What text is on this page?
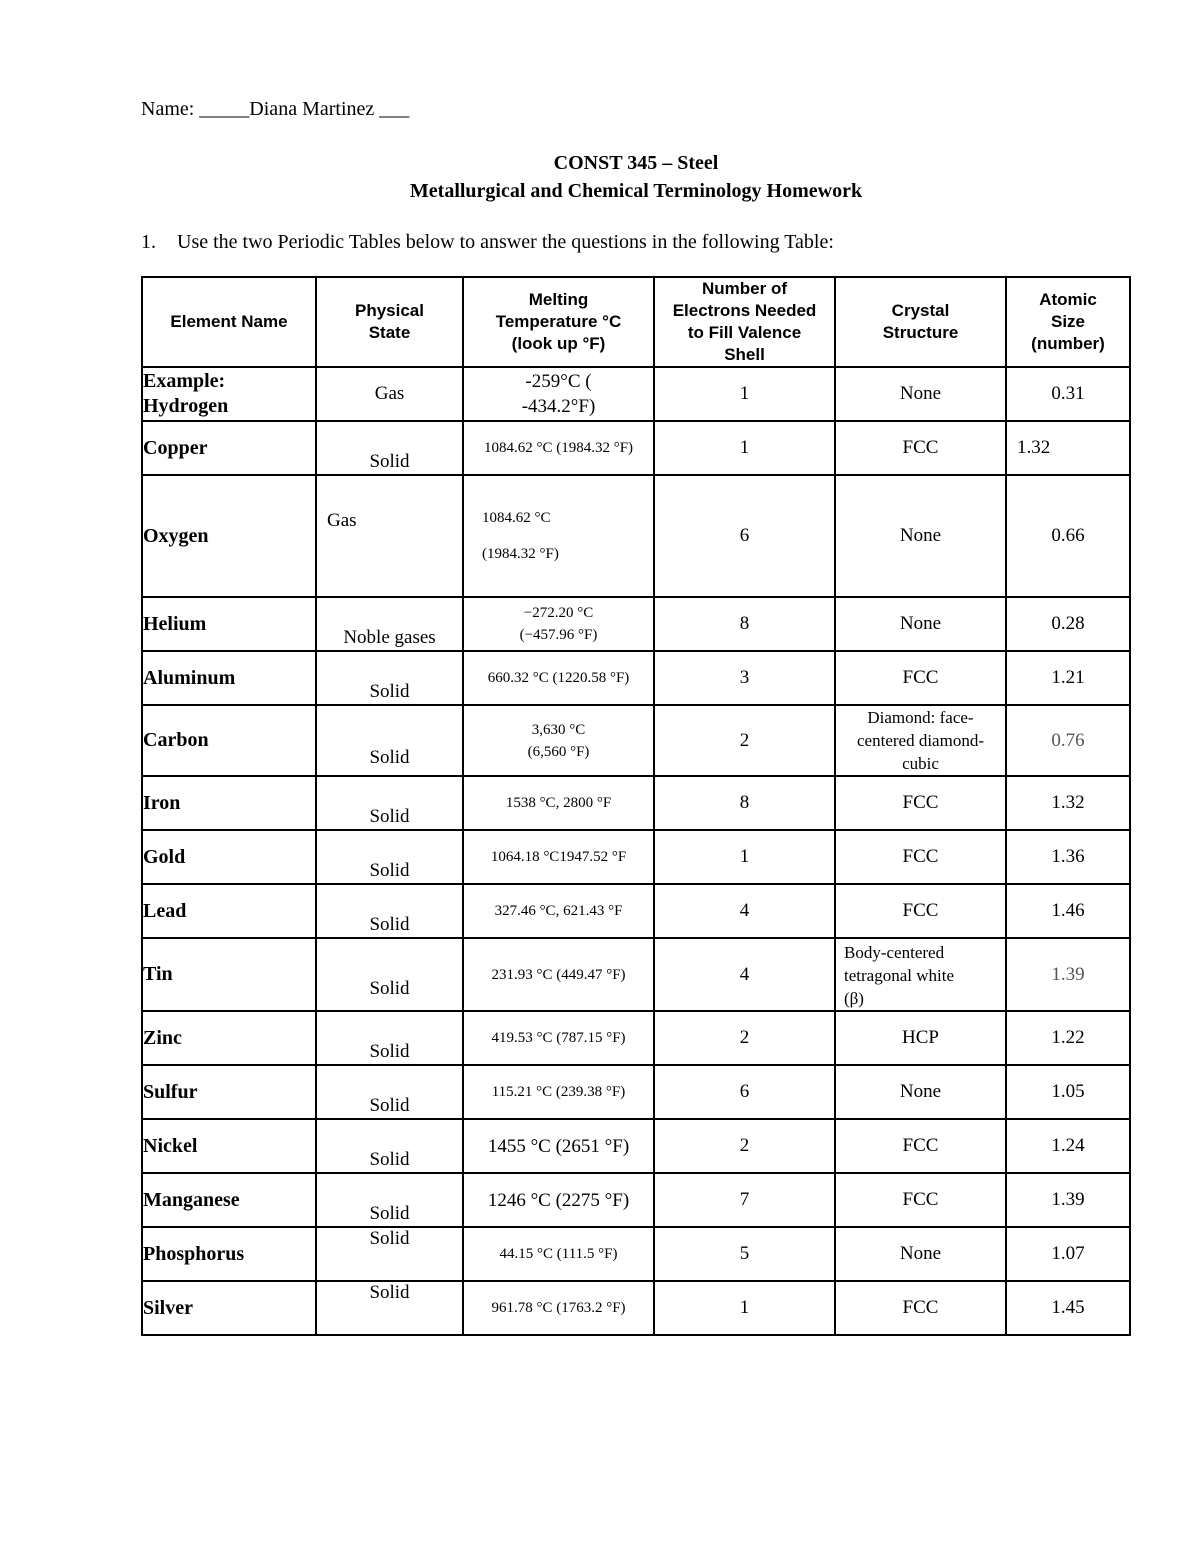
Name: _____Diana Martinez ___
CONST 345 – Steel
Metallurgical and Chemical Terminology Homework
1. Use the two Periodic Tables below to answer the questions in the following Table:
Element Name	Physical State	Melting Temperature °C (look up °F)	Number of Electrons Needed to Fill Valence Shell	Crystal Structure	Atomic Size (number)
Example: Hydrogen	Gas	-259°C ( -434.2°F)	1	None	0.31
Copper	Solid	1084.62 °C (1984.32 °F)	1	FCC	1.32
Oxygen	Gas	1084.62 °C (1984.32 °F)	6	None	0.66
Helium	Noble gases	−272.20 °C (−457.96 °F)	8	None	0.28
Aluminum	Solid	660.32 °C (1220.58 °F)	3	FCC	1.21
Carbon	Solid	3,630 °C (6,560 °F)	2	Diamond: face-centered diamond-cubic	0.76
Iron	Solid	1538 °C, 2800 °F	8	FCC	1.32
Gold	Solid	1064.18 °C1947.52 °F	1	FCC	1.36
Lead	Solid	327.46 °C, 621.43 °F	4	FCC	1.46
Tin	Solid	231.93 °C (449.47 °F)	4	Body-centered tetragonal white (β)	1.39
Zinc	Solid	419.53 °C (787.15 °F)	2	HCP	1.22
Sulfur	Solid	115.21 °C (239.38 °F)	6	None	1.05
Nickel	Solid	1455 °C (2651 °F)	2	FCC	1.24
Manganese	Solid	1246 °C (2275 °F)	7	FCC	1.39
Phosphorus	Solid	44.15 °C (111.5 °F)	5	None	1.07
Silver	Solid	961.78 °C (1763.2 °F)	1	FCC	1.45
